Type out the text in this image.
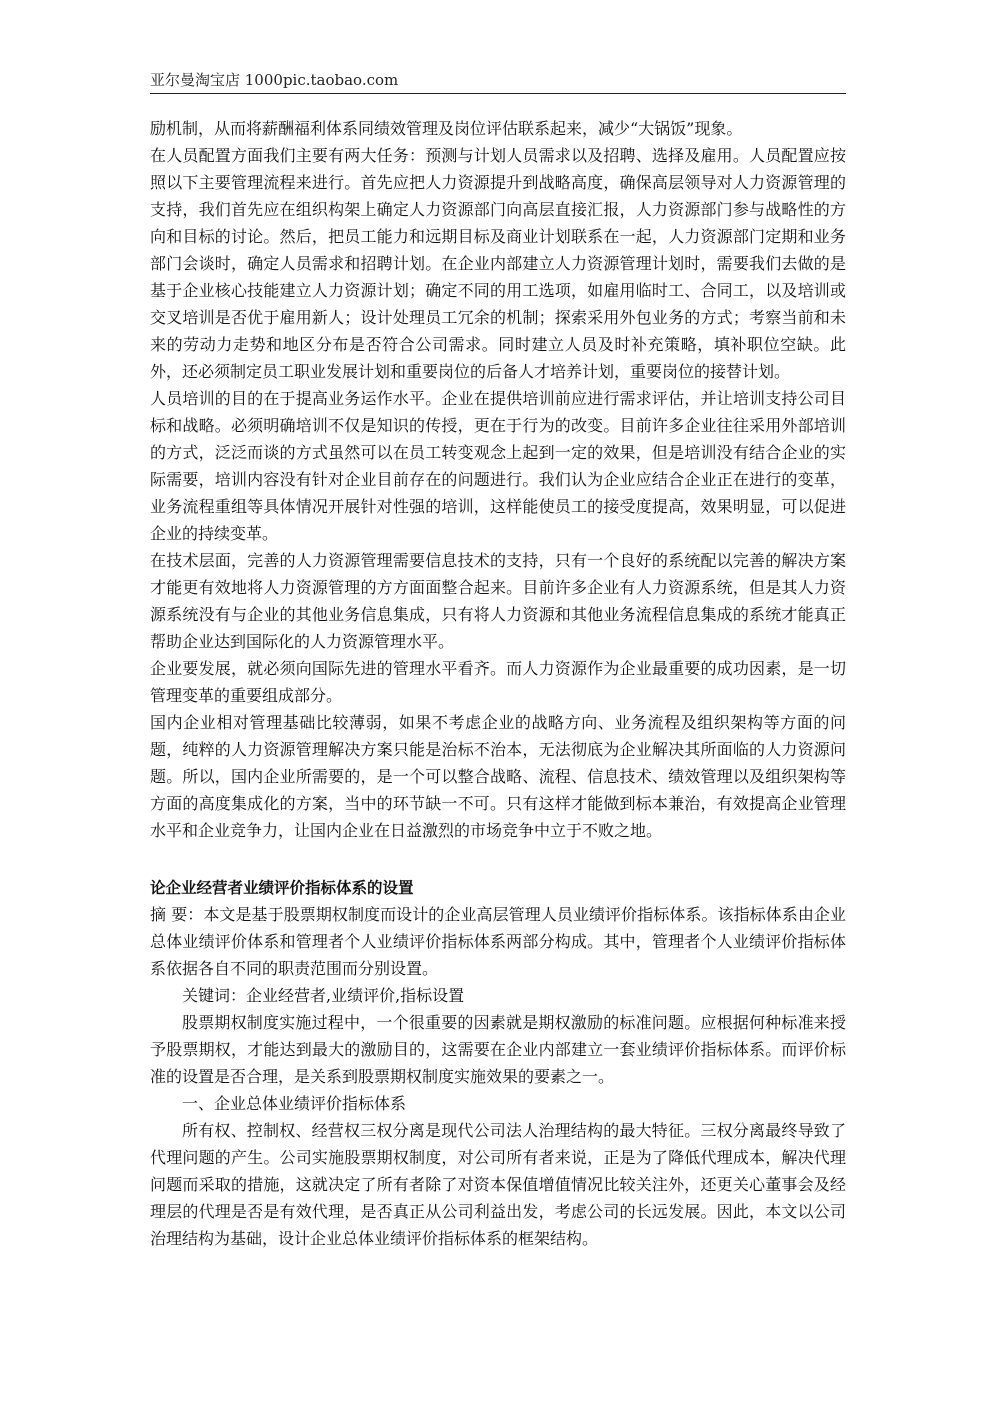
亚尔曼淘宝店 1000pic.taobao.com

励机制，从而将薪酬福利体系同绩效管理及岗位评估联系起来，减少“大锅饭”现象。

在人员配置方面我们主要有两大任务：预测与计划人员需求以及招聘、选择及雇用。人员配置应按照以下主要管理流程来进行。首先应把人力资源提升到战略高度，确保高层领导对人力资源管理的支持，我们首先应在组织构架上确定人力资源部门向高层直接汇报，人力资源部门参与战略性的方向和目标的讨论。然后，把员工能力和远期目标及商业计划联系在一起，人力资源部门定期和业务部门会谈时，确定人员需求和招聘计划。在企业内部建立人力资源管理计划时，需要我们去做的是基于企业核心技能建立人力资源计划；确定不同的用工选项，如雇用临时工、合同工，以及培训或交叉培训是否优于雇用新人；设计处理员工冗余的机制；探索采用外包业务的方式；考察当前和未来的劳动力走势和地区分布是否符合公司需求。同时建立人员及时补充策略，填补职位空缺。此外，还必须制定员工职业发展计划和重要岗位的后备人才培养计划，重要岗位的接替计划。

人员培训的目的在于提高业务运作水平。企业在提供培训前应进行需求评估，并让培训支持公司目标和战略。必须明确培训不仅是知识的传授，更在于行为的改变。目前许多企业往往采用外部培训的方式，泛泛而谈的方式虽然可以在员工转变观念上起到一定的效果，但是培训没有结合企业的实际需要，培训内容没有针对企业目前存在的问题进行。我们认为企业应结合企业正在进行的变革，业务流程重组等具体情况开展针对性强的培训，这样能使员工的接受度提高，效果明显，可以促进企业的持续变革。

在技术层面，完善的人力资源管理需要信息技术的支持，只有一个良好的系统配以完善的解决方案才能更有效地将人力资源管理的方方面面整合起来。目前许多企业有人力资源系统，但是其人力资源系统没有与企业的其他业务信息集成，只有将人力资源和其他业务流程信息集成的系统才能真正帮助企业达到国际化的人力资源管理水平。

企业要发展，就必须向国际先进的管理水平看齐。而人力资源作为企业最重要的成功因素，是一切管理变革的重要组成部分。

国内企业相对管理基础比较薄弱，如果不考虑企业的战略方向、业务流程及组织架构等方面的问题，纯粹的人力资源管理解决方案只能是治标不治本，无法彻底为企业解决其所面临的人力资源问题。所以，国内企业所需要的，是一个可以整合战略、流程、信息技术、绩效管理以及组织架构等方面的高度集成化的方案，当中的环节缺一不可。只有这样才能做到标本兼治，有效提高企业管理水平和企业竞争力，让国内企业在日益激烈的市场竞争中立于不败之地。

论企业经营者业绩评价指标体系的设置

摘 要：本文是基于股票期权制度而设计的企业高层管理人员业绩评价指标体系。该指标体系由企业总体业绩评价体系和管理者个人业绩评价指标体系两部分构成。其中，管理者个人业绩评价指标体系依据各自不同的职责范围而分别设置。

关键词：企业经营者,业绩评价,指标设置

股票期权制度实施过程中，一个很重要的因素就是期权激励的标准问题。应根据何种标准来授予股票期权，才能达到最大的激励目的，这需要在企业内部建立一套业绩评价指标体系。而评价标准的设置是否合理，是关系到股票期权制度实施效果的要素之一。

一、企业总体业绩评价指标体系

所有权、控制权、经营权三权分离是现代公司法人治理结构的最大特征。三权分离最终导致了代理问题的产生。公司实施股票期权制度，对公司所有者来说，正是为了降低代理成本，解决代理问题而采取的措施，这就决定了所有者除了对资本保值增值情况比较关注外，还更关心董事会及经理层的代理是否是有效代理，是否真正从公司利益出发，考虑公司的长远发展。因此，本文以公司治理结构为基础，设计企业总体业绩评价指标体系的框架结构。
